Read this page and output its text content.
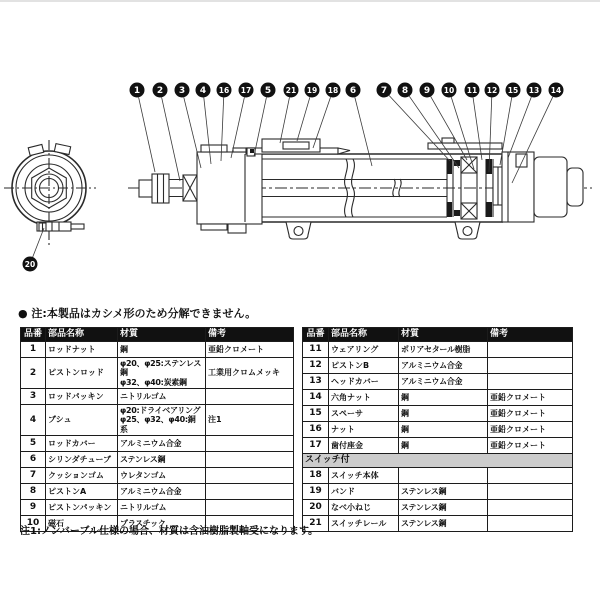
1 2 3 4 16 17 5 21 19 18 6	7 8 9 10 11 12 15 13 14
20
● 注:本製品はカシメ形のため分解できません。
品番	部品名称	材質	備考
1	ロッドナット	鋼	亜鉛クロメート
2	ピストンロッド	φ20、φ25:ステンレス鋼
φ32、φ40:炭素鋼	工業用クロムメッキ
3	ロッドパッキン	ニトリルゴム	
4	ブシュ	φ20:ドライベアリング
φ25、φ32、φ40:銅系	注1
5	ロッドカバー	アルミニウム合金	
6	シリンダチューブ	ステンレス鋼	
7	クッションゴム	ウレタンゴム	
8	ピストンA	アルミニウム合金	
9	ピストンパッキン	ニトリルゴム	
10	磁石	プラスチック	
品番	部品名称	材質	備考
11	ウェアリング	ポリアセタール樹脂	
12	ピストンB	アルミニウム合金	
13	ヘッドカバー	アルミニウム合金	
14	六角ナット	鋼	亜鉛クロメート
15	スペーサ	鋼	亜鉛クロメート
16	ナット	鋼	亜鉛クロメート
17	歯付座金	鋼	亜鉛クロメート
スイッチ付			
18	スイッチ本体		
19	バンド	ステンレス鋼	
20	なべ小ねじ	ステンレス鋼	
21	スイッチレール	ステンレス鋼	
注1:ノンバーブル仕様の場合、材質は含油樹脂製軸受になります。
